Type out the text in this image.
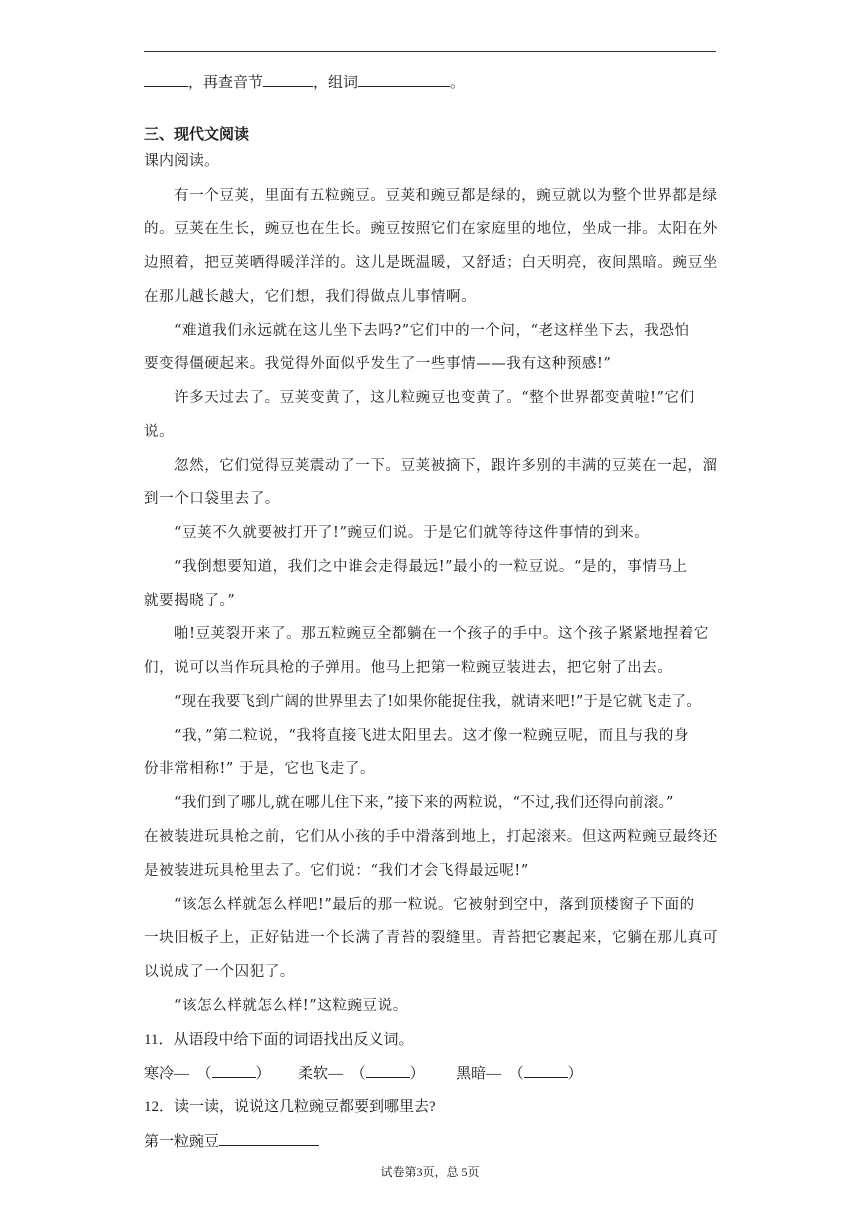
，再查音节	，组词	。
三、现代文阅读
课内阅读。
有一个豆荚，里面有五粒豌豆。豆荚和豌豆都是绿的，豌豆就以为整个世界都是绿
的。豆荚在生长，豌豆也在生长。豌豆按照它们在家庭里的地位，坐成一排。太阳在外
边照着，把豆荚晒得暖洋洋的。这儿是既温暖，又舒适；白天明亮，夜间黑暗。豌豆坐
在那儿越长越大，它们想，我们得做点儿事情啊。
“难道我们永远就在这儿坐下去吗?”它们中的一个问，“老这样坐下去，我恐怕
要变得僵硬起来。我觉得外面似乎发生了一些事情——我有这种预感!”
许多天过去了。豆荚变黄了，这儿粒豌豆也变黄了。“整个世界都变黄啦!”它们
说。
忽然，它们觉得豆荚震动了一下。豆荚被摘下，跟许多别的丰满的豆荚在一起，溜
到一个口袋里去了。
“豆荚不久就要被打开了!”豌豆们说。于是它们就等待这件事情的到来。
“我倒想要知道，我们之中谁会走得最远!”最小的一粒豆说。“是的，事情马上
就要揭晓了。”
啪!豆荚裂开来了。那五粒豌豆全都躺在一个孩子的手中。这个孩子紧紧地捏着它
们，说可以当作玩具枪的子弹用。他马上把第一粒豌豆装进去，把它射了出去。
“现在我要飞到广阔的世界里去了!如果你能捉住我，就请来吧!”于是它就飞走了。
“我，”第二粒说，“我将直接飞进太阳里去。这才像一粒豌豆呢，而且与我的身
份非常相称!” 于是，它也飞走了。
“我们到了哪儿,就在哪儿住下来，”接下来的两粒说，“不过,我们还得向前滚。”
在被装进玩具枪之前，它们从小孩的手中滑落到地上，打起滚来。但这两粒豌豆最终还
是被装进玩具枪里去了。它们说：“我们才会飞得最远呢!”
“该怎么样就怎么样吧!”最后的那一粒说。它被射到空中，落到顶楼窗子下面的
一块旧板子上，正好钻进一个长满了青苔的裂缝里。青苔把它裹起来，它躺在那儿真可
以说成了一个囚犯了。
“该怎么样就怎么样!”这粒豌豆说。
11．从语段中给下面的词语找出反义词。
寒冷— （	） 柔软— （	） 黑暗— （	）
12．读一读，说说这几粒豌豆都要到哪里去?
第一粒豌豆
试卷第3页，总 5页
